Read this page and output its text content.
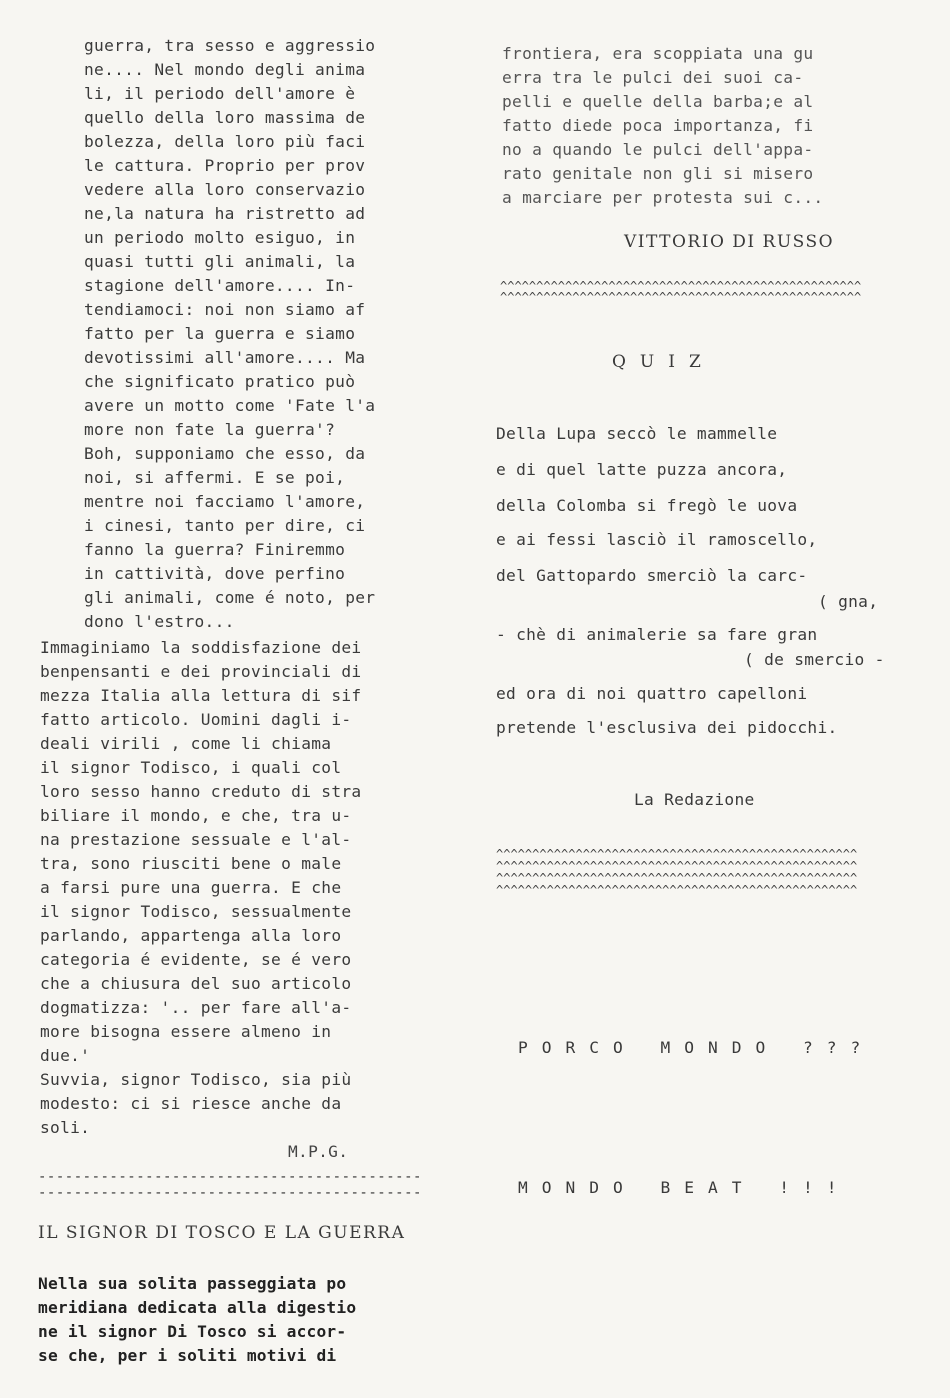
guerra, tra sesso e aggressio
ne.... Nel mondo degli anima
li, il periodo dell'amore è
quello della loro massima de
bolezza, della loro più faci
le cattura. Proprio per prov
vedere alla loro conservazio
ne,la natura ha ristretto ad
un periodo molto esiguo, in
quasi tutti gli animali, la
stagione dell'amore.... In-
tendiamoci: noi non siamo af
fatto per la guerra e siamo
devotissimi all'amore.... Ma
che significato pratico può
avere un motto come 'Fate l'a
more non fate la guerra'?
Boh, supponiamo che esso, da
noi, si affermi. E se poi,
mentre noi facciamo l'amore,
i cinesi, tanto per dire, ci
fanno la guerra? Finiremmo
in cattività, dove perfino
gli animali, come é noto, per
dono l'estro...
Immaginiamo la soddisfazione dei
benpensanti e dei provinciali di
mezza Italia alla lettura di sif
fatto articolo. Uomini dagli i-
deali virili , come li chiama
il signor Todisco, i quali col
loro sesso hanno creduto di stra
biliare il mondo, e che, tra u-
na prestazione sessuale e l'al-
tra, sono riusciti bene o male
a farsi pure una guerra. E che
il signor Todisco, sessualmente
parlando, appartenga alla loro
categoria é evidente, se é vero
che a chiusura del suo articolo
dogmatizza: '.. per fare all'a-
more bisogna essere almeno in
due.'
Suvvia, signor Todisco, sia più
modesto: ci si riesce anche da
soli.
M.P.G.
-------------------------------------------
-------------------------------------------
IL SIGNOR DI TOSCO E LA GUERRA
Nella sua solita passeggiata po
meridiana dedicata alla digestio
ne il signor Di Tosco si accor-
se che, per i soliti motivi di
frontiera, era scoppiata una gu
erra tra le pulci dei suoi ca-
pelli e quelle della barba;e al
fatto diede poca importanza, fi
no a quando le pulci dell'appa-
rato genitale non gli si misero
a marciare per protesta sui c...
VITTORIO DI RUSSO
^^^^^^^^^^^^^^^^^^^^^^^^^^^^^^^^^^^^^^^^^^^^^^^^^^
^^^^^^^^^^^^^^^^^^^^^^^^^^^^^^^^^^^^^^^^^^^^^^^^^^
QUIZ
Della Lupa seccò le mammelle
e di quel latte puzza ancora,
della Colomba si fregò le uova
e ai fessi lasciò il ramoscello,
del Gattopardo smerciò la carc-
( gna,
- chè di animalerie sa fare gran
( de smercio -
ed ora di noi quattro capelloni
pretende l'esclusiva dei pidocchi.
La Redazione
^^^^^^^^^^^^^^^^^^^^^^^^^^^^^^^^^^^^^^^^^^^^^^^^^^
^^^^^^^^^^^^^^^^^^^^^^^^^^^^^^^^^^^^^^^^^^^^^^^^^^
^^^^^^^^^^^^^^^^^^^^^^^^^^^^^^^^^^^^^^^^^^^^^^^^^^
^^^^^^^^^^^^^^^^^^^^^^^^^^^^^^^^^^^^^^^^^^^^^^^^^^
PORCO MONDO ???
MONDO BEAT !!!
